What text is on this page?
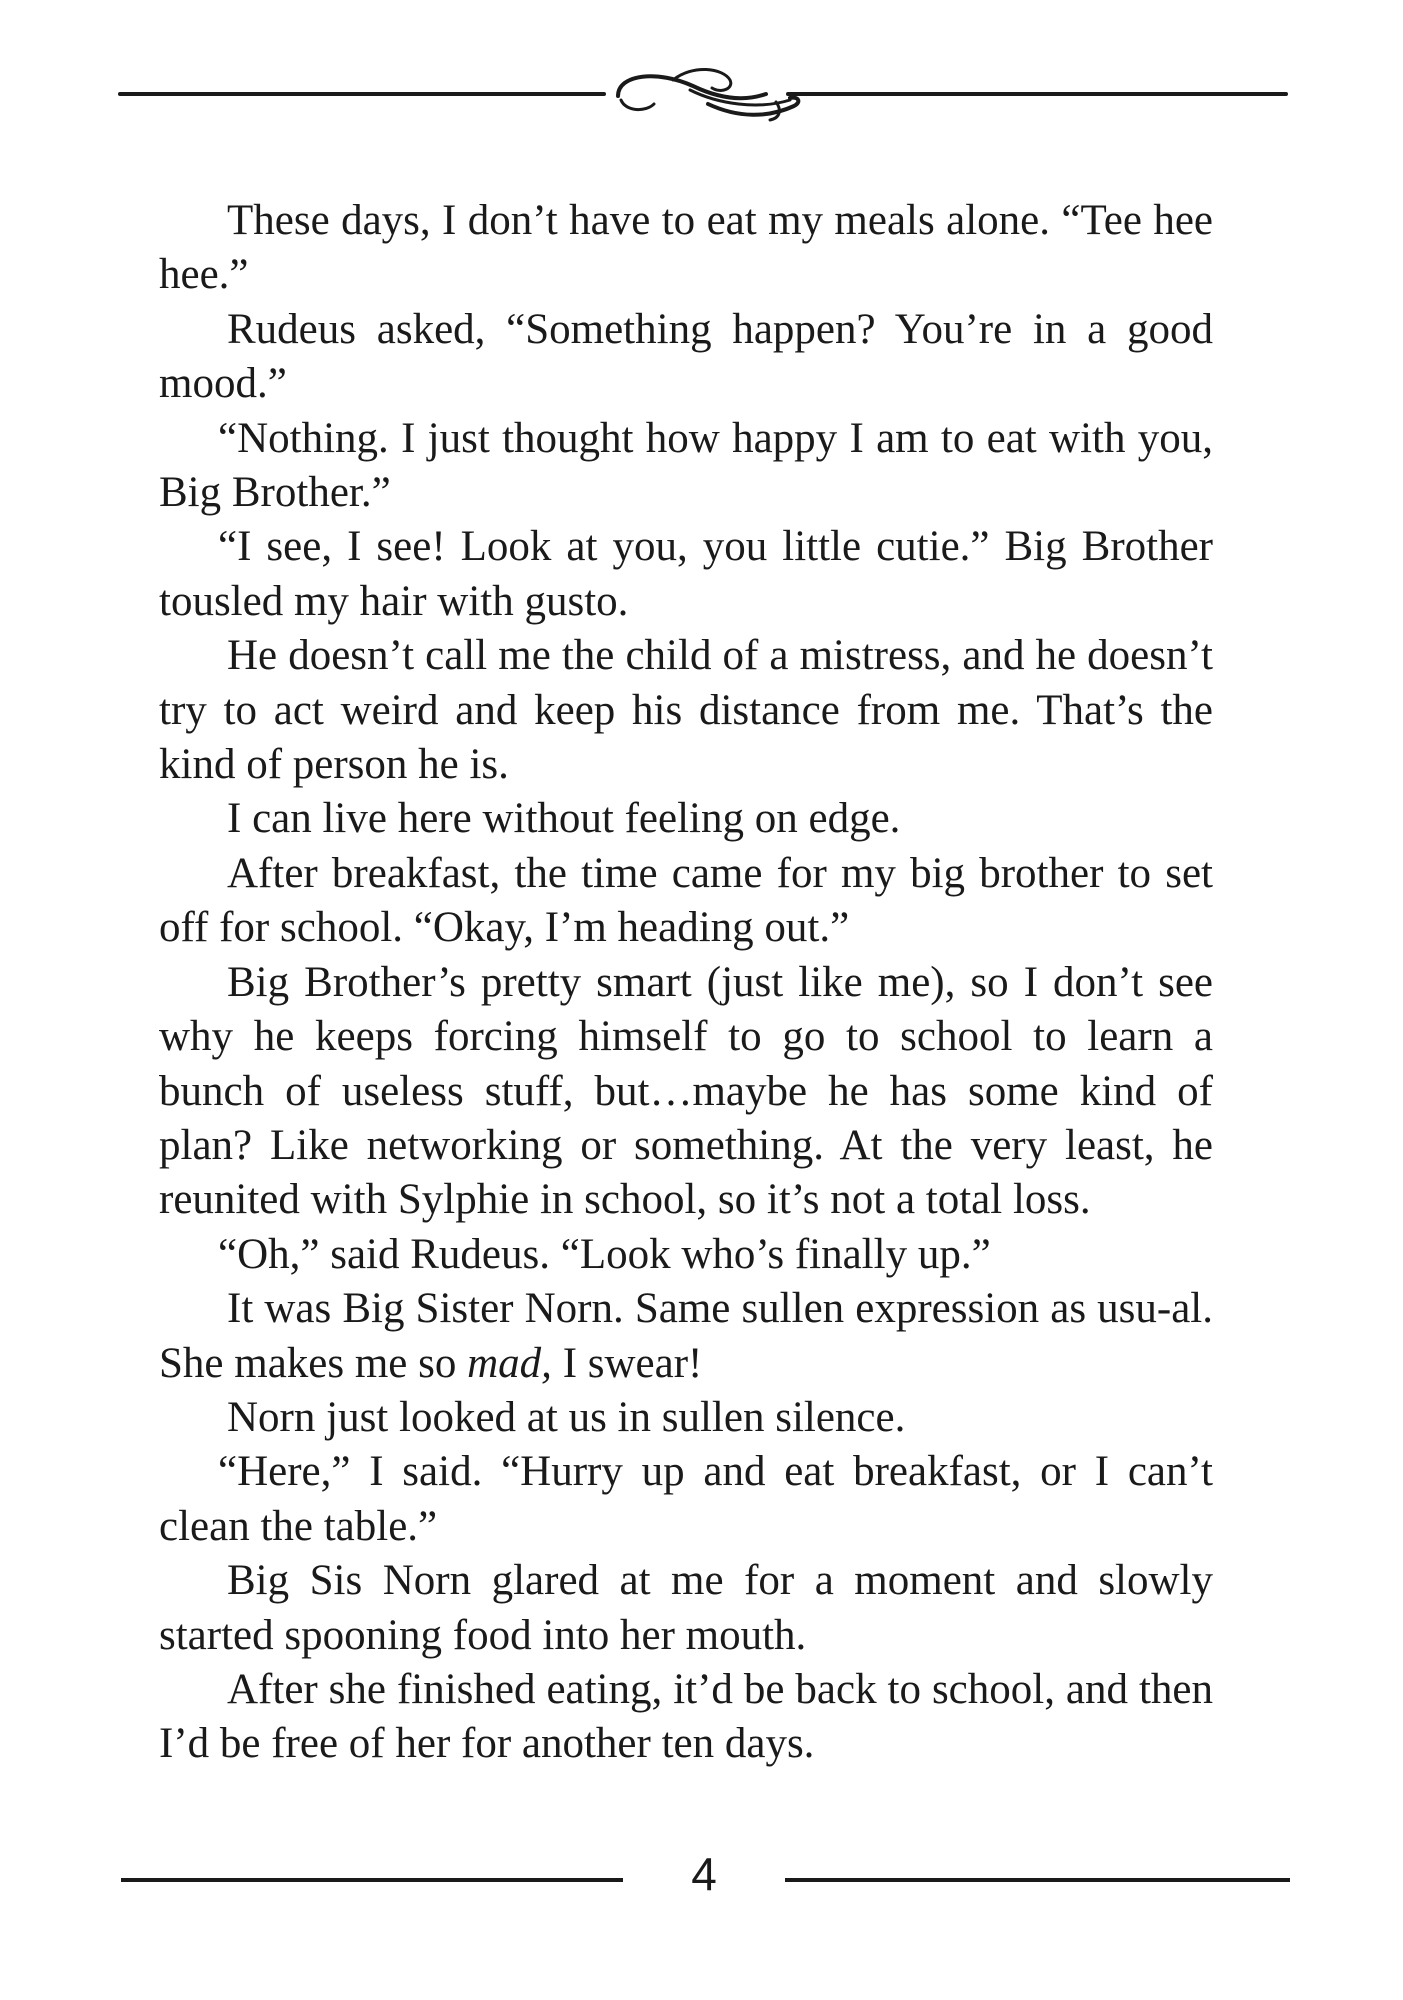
These days, I don’t have to eat my meals alone. “Tee hee hee.”

Rudeus asked, “Something happen? You’re in a good mood.”

“Nothing. I just thought how happy I am to eat with you, Big Brother.”

“I see, I see! Look at you, you little cutie.” Big Brother tousled my hair with gusto.

He doesn’t call me the child of a mistress, and he doesn’t try to act weird and keep his distance from me. That’s the kind of person he is.

I can live here without feeling on edge.

After breakfast, the time came for my big brother to set off for school. “Okay, I’m heading out.”

Big Brother’s pretty smart (just like me), so I don’t see why he keeps forcing himself to go to school to learn a bunch of useless stuff, but…maybe he has some kind of plan? Like networking or something. At the very least, he reunited with Sylphie in school, so it’s not a total loss.

“Oh,” said Rudeus. “Look who’s finally up.”

It was Big Sister Norn. Same sullen expression as usu-al. She makes me so mad, I swear!

Norn just looked at us in sullen silence.

“Here,” I said. “Hurry up and eat breakfast, or I can’t clean the table.”

Big Sis Norn glared at me for a moment and slowly started spooning food into her mouth.

After she finished eating, it’d be back to school, and then I’d be free of her for another ten days.

4
